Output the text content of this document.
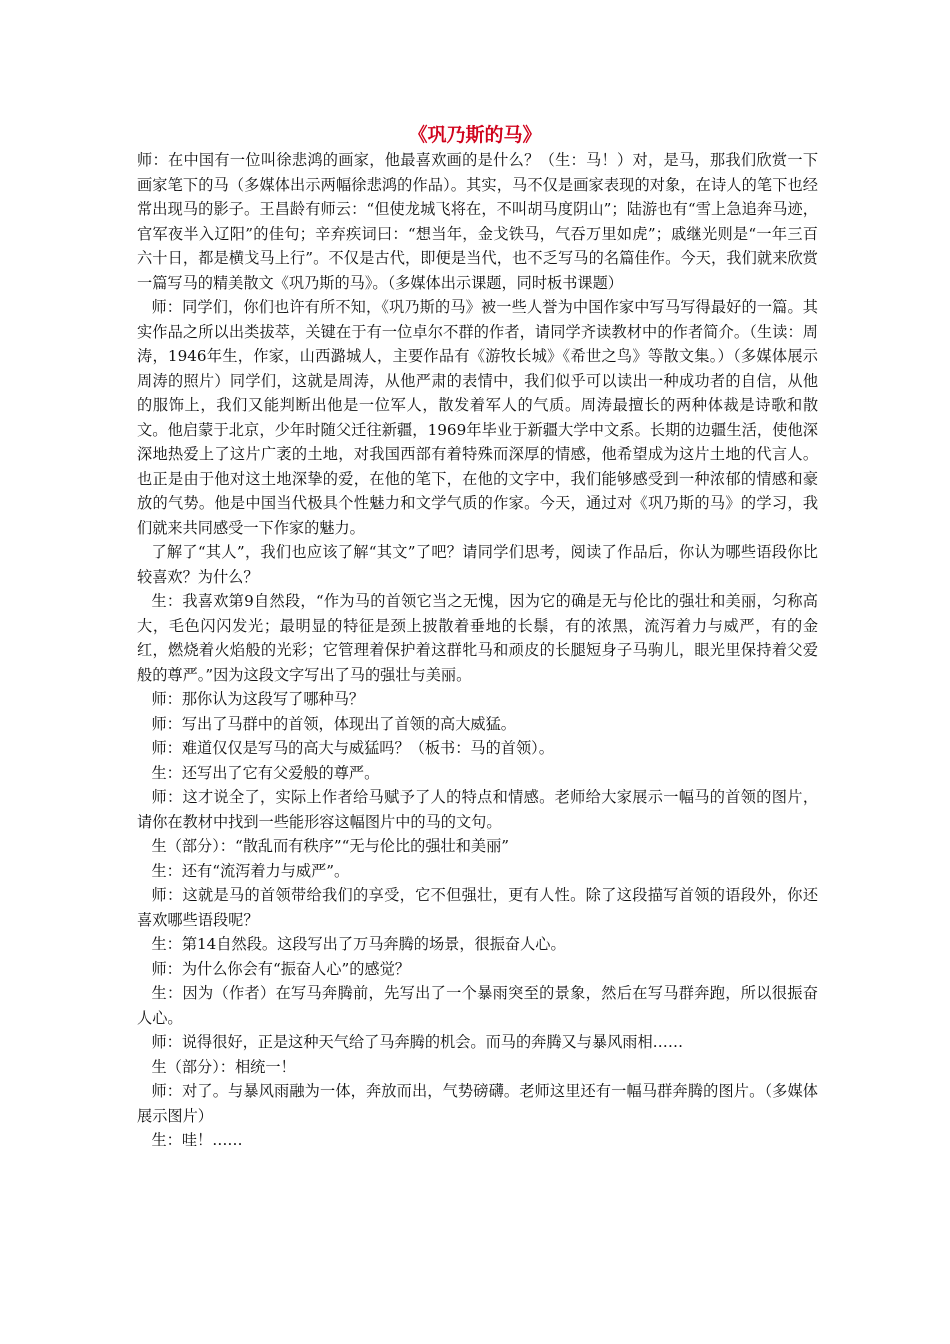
《巩乃斯的马》

师：在中国有一位叫徐悲鸿的画家，他最喜欢画的是什么？（生：马！）对，是马，那我们欣赏一下画家笔下的马（多媒体出示两幅徐悲鸿的作品）。其实，马不仅是画家表现的对象，在诗人的笔下也经常出现马的影子。王昌龄有师云：“但使龙城飞将在，不叫胡马度阴山”；陆游也有“雪上急追奔马迹，官军夜半入辽阳”的佳句；辛弃疾词曰：“想当年，金戈铁马，气吞万里如虎”；戚继光则是“一年三百六十日，都是横戈马上行”。不仅是古代，即便是当代，也不乏写马的名篇佳作。今天，我们就来欣赏一篇写马的精美散文《巩乃斯的马》。（多媒体出示课题，同时板书课题）

师：同学们，你们也许有所不知，《巩乃斯的马》被一些人誉为中国作家中写马写得最好的一篇。其实作品之所以出类拔萃，关键在于有一位卓尔不群的作者，请同学齐读教材中的作者简介。（生读：周涛，1946年生，作家，山西潞城人，主要作品有《游牧长城》《希世之鸟》等散文集。）（多媒体展示周涛的照片）同学们，这就是周涛，从他严肃的表情中，我们似乎可以读出一种成功者的自信，从他的服饰上，我们又能判断出他是一位军人，散发着军人的气质。周涛最擅长的两种体裁是诗歌和散文。他启蒙于北京，少年时随父迁往新疆，1969年毕业于新疆大学中文系。长期的边疆生活，使他深深地热爱上了这片广袤的土地，对我国西部有着特殊而深厚的情感，他希望成为这片土地的代言人。也正是由于他对这土地深挚的爱，在他的笔下，在他的文字中，我们能够感受到一种浓郁的情感和豪放的气势。他是中国当代极具个性魅力和文学气质的作家。今天，通过对《巩乃斯的马》的学习，我们就来共同感受一下作家的魅力。

了解了“其人”，我们也应该了解“其文”了吧？请同学们思考，阅读了作品后，你认为哪些语段你比较喜欢？为什么？

生：我喜欢第9自然段，“作为马的首领它当之无愧，因为它的确是无与伦比的强壮和美丽，匀称高大，毛色闪闪发光；最明显的特征是颈上披散着垂地的长鬃，有的浓黑，流泻着力与威严，有的金红，燃烧着火焰般的光彩；它管理着保护着这群牝马和顽皮的长腿短身子马驹儿，眼光里保持着父爱般的尊严。”因为这段文字写出了马的强壮与美丽。

师：那你认为这段写了哪种马？

师：写出了马群中的首领，体现出了首领的高大威猛。

师：难道仅仅是写马的高大与威猛吗？（板书：马的首领）。

生：还写出了它有父爱般的尊严。

师：这才说全了，实际上作者给马赋予了人的特点和情感。老师给大家展示一幅马的首领的图片，请你在教材中找到一些能形容这幅图片中的马的文句。

生（部分）：“散乱而有秩序”“无与伦比的强壮和美丽”

生：还有“流泻着力与威严”。

师：这就是马的首领带给我们的享受，它不但强壮，更有人性。除了这段描写首领的语段外，你还喜欢哪些语段呢？

生：第14自然段。这段写出了万马奔腾的场景，很振奋人心。

师：为什么你会有“振奋人心”的感觉？

生：因为（作者）在写马奔腾前，先写出了一个暴雨突至的景象，然后在写马群奔跑，所以很振奋人心。

师：说得很好，正是这种天气给了马奔腾的机会。而马的奔腾又与暴风雨相……

生（部分）：相统一！

师：对了。与暴风雨融为一体，奔放而出，气势磅礴。老师这里还有一幅马群奔腾的图片。（多媒体展示图片）

生：哇！……
